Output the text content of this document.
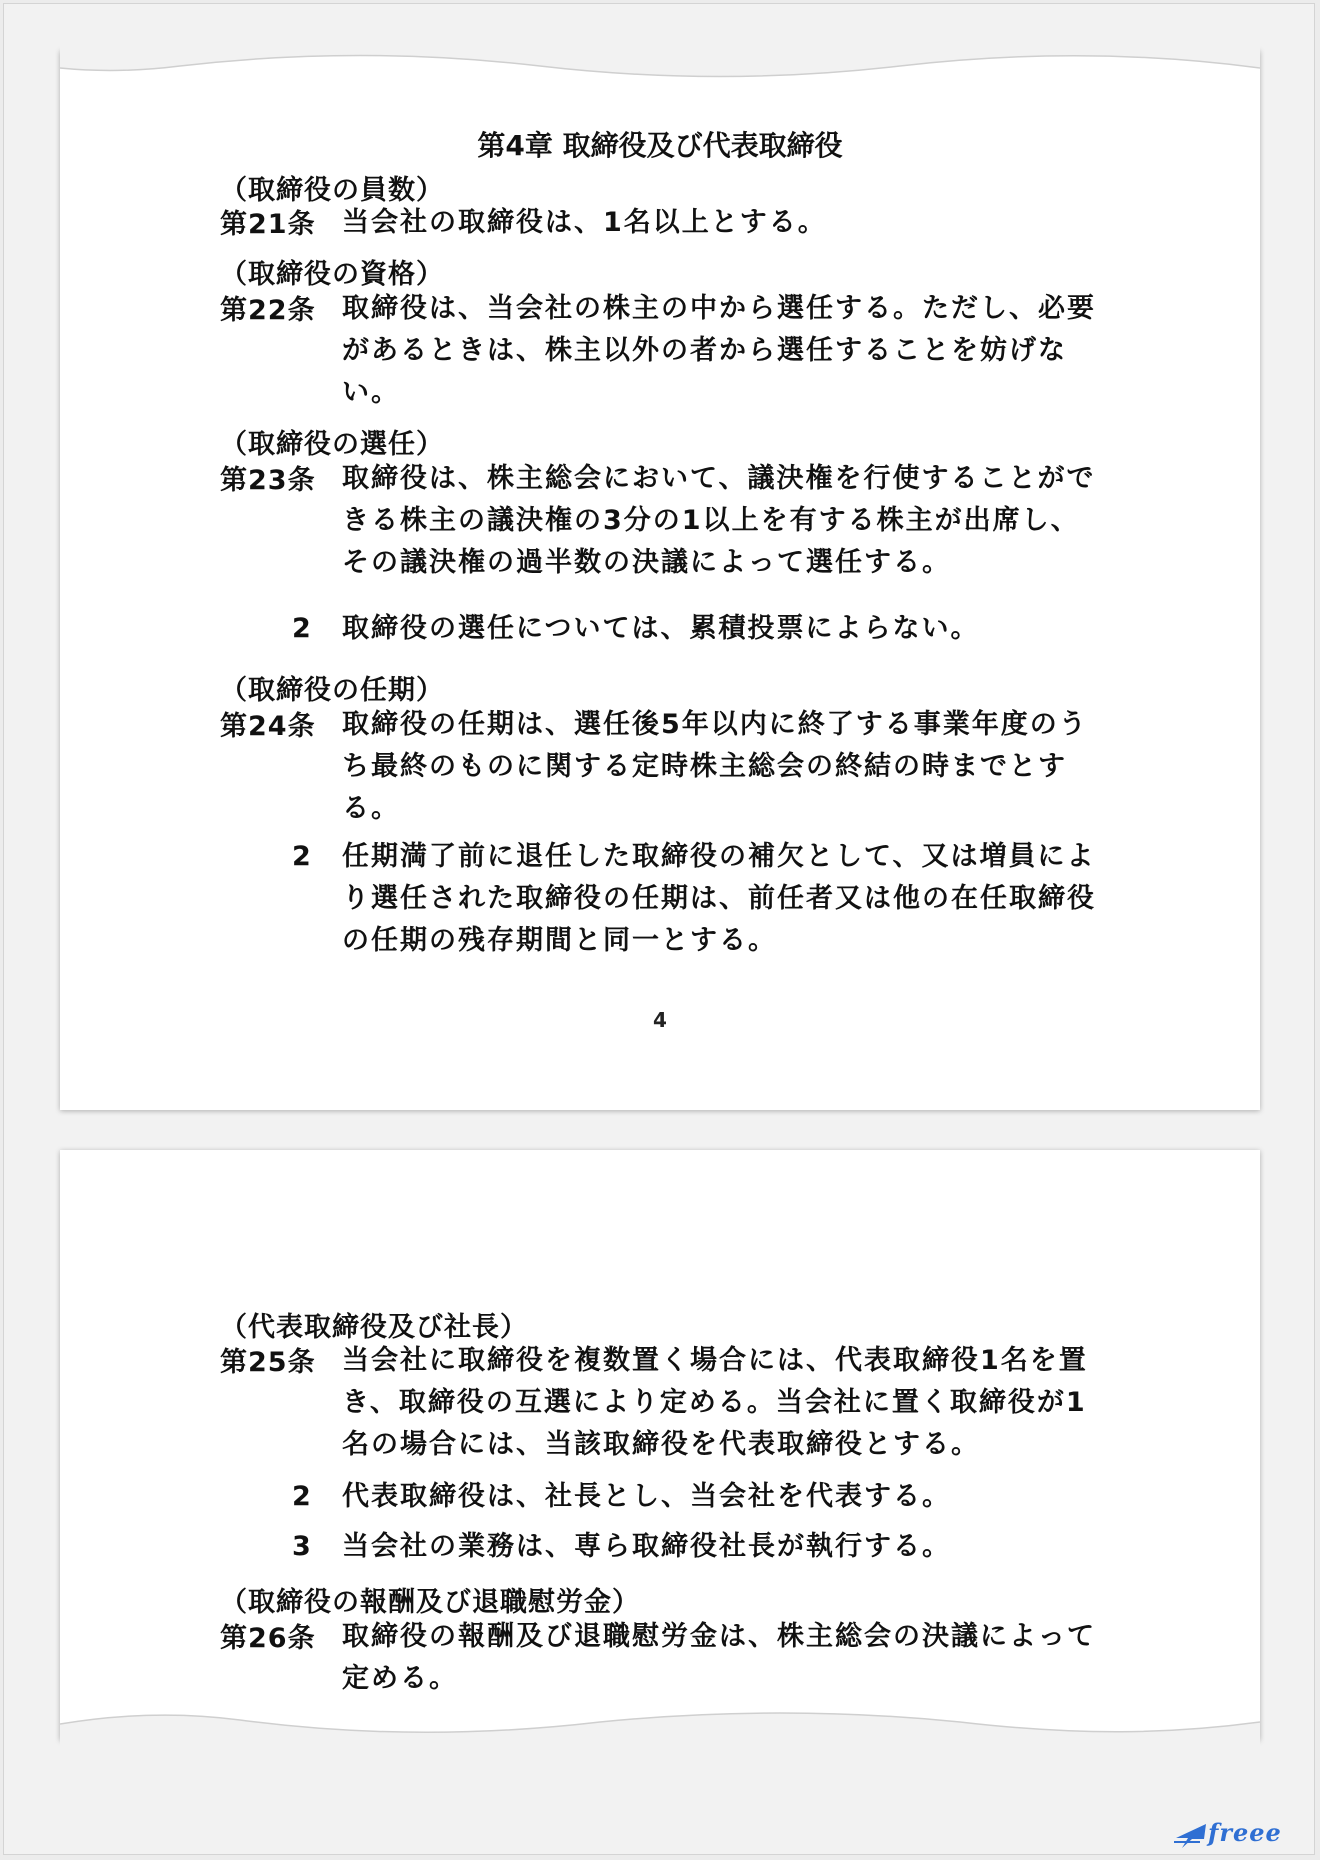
第4章 取締役及び代表取締役
（取締役の員数）
第21条 当会社の取締役は、1名以上とする。
（取締役の資格）
第22条 取締役は、当会社の株主の中から選任する。ただし、必要があるときは、株主以外の者から選任することを妨げない。
（取締役の選任）
第23条 取締役は、株主総会において、議決権を行使することができる株主の議決権の3分の1以上を有する株主が出席し、その議決権の過半数の決議によって選任する。
2 取締役の選任については、累積投票によらない。
（取締役の任期）
第24条 取締役の任期は、選任後5年以内に終了する事業年度のうち最終のものに関する定時株主総会の終結の時までとする。
2 任期満了前に退任した取締役の補欠として、又は増員により選任された取締役の任期は、前任者又は他の在任取締役の任期の残存期間と同一とする。
4
（代表取締役及び社長）
第25条 当会社に取締役を複数置く場合には、代表取締役1名を置き、取締役の互選により定める。当会社に置く取締役が1名の場合には、当該取締役を代表取締役とする。
2 代表取締役は、社長とし、当会社を代表する。
3 当会社の業務は、専ら取締役社長が執行する。
（取締役の報酬及び退職慰労金）
第26条 取締役の報酬及び退職慰労金は、株主総会の決議によって定める。
freee
